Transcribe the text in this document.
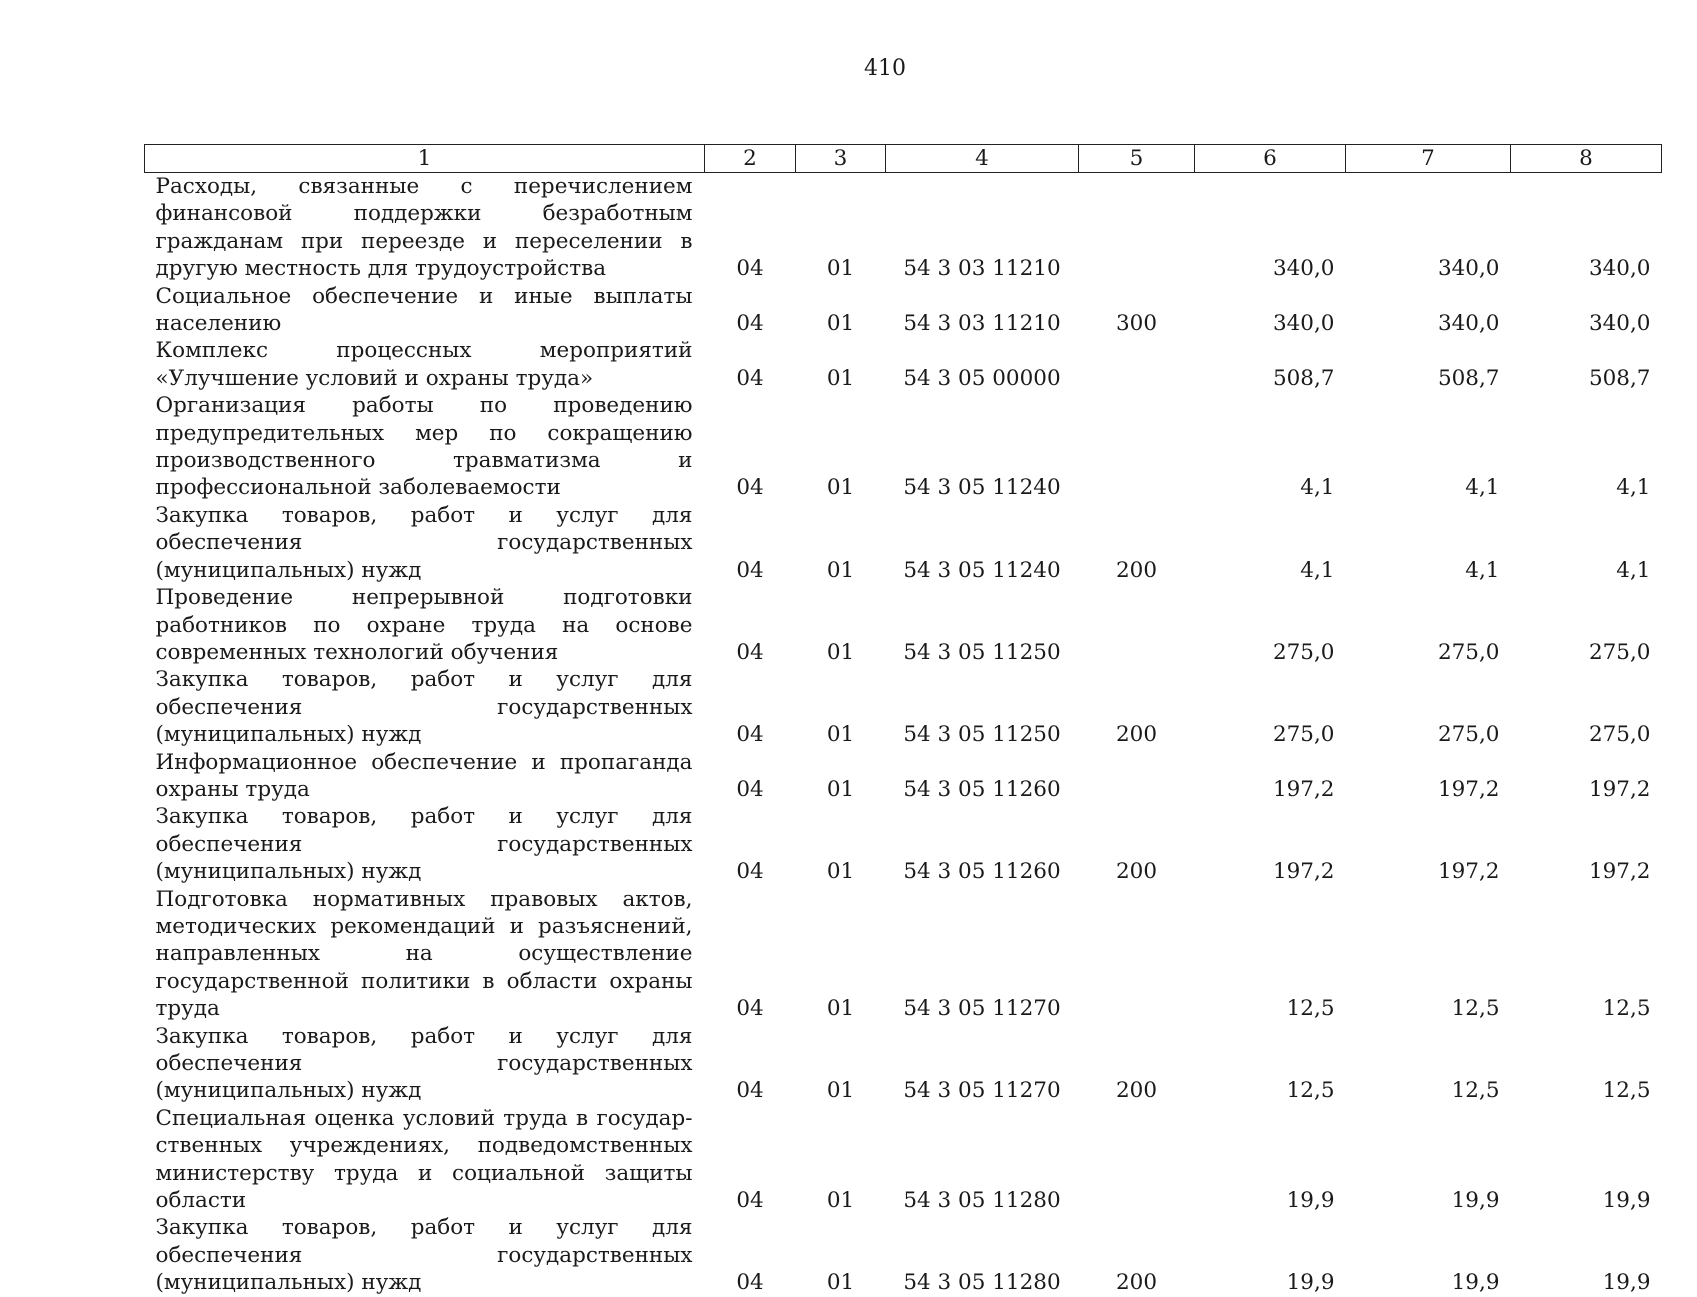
410
1	2	3	4	5	6	7	8
Расходы, связанные с перечислением финансовой поддержки безработным гражданам при переезде и переселении в другую местность для трудоустройства	04	01	54 3 03 11210		340,0	340,0	340,0
Социальное обеспечение и иные выплаты населению	04	01	54 3 03 11210	300	340,0	340,0	340,0
Комплекс процессных мероприятий «Улучшение условий и охраны труда»	04	01	54 3 05 00000		508,7	508,7	508,7
Организация работы по проведению предупредительных мер по сокращению производственного травматизма и профессиональной заболеваемости	04	01	54 3 05 11240		4,1	4,1	4,1
Закупка товаров, работ и услуг для обеспечения государственных (муниципальных) нужд	04	01	54 3 05 11240	200	4,1	4,1	4,1
Проведение непрерывной подготовки работников по охране труда на основе современных технологий обучения	04	01	54 3 05 11250		275,0	275,0	275,0
Закупка товаров, работ и услуг для обеспечения государственных (муниципальных) нужд	04	01	54 3 05 11250	200	275,0	275,0	275,0
Информационное обеспечение и пропаганда охраны труда	04	01	54 3 05 11260		197,2	197,2	197,2
Закупка товаров, работ и услуг для обеспечения государственных (муниципальных) нужд	04	01	54 3 05 11260	200	197,2	197,2	197,2
Подготовка нормативных правовых актов, методических рекомендаций и разъяснений, направленных на осуществление государственной политики в области охраны труда	04	01	54 3 05 11270		12,5	12,5	12,5
Закупка товаров, работ и услуг для обеспечения государственных (муниципальных) нужд	04	01	54 3 05 11270	200	12,5	12,5	12,5
Специальная оценка условий труда в государственных учреждениях, подведомственных министерству труда и социальной защиты области	04	01	54 3 05 11280		19,9	19,9	19,9
Закупка товаров, работ и услуг для обеспечения государственных (муниципальных) нужд	04	01	54 3 05 11280	200	19,9	19,9	19,9
